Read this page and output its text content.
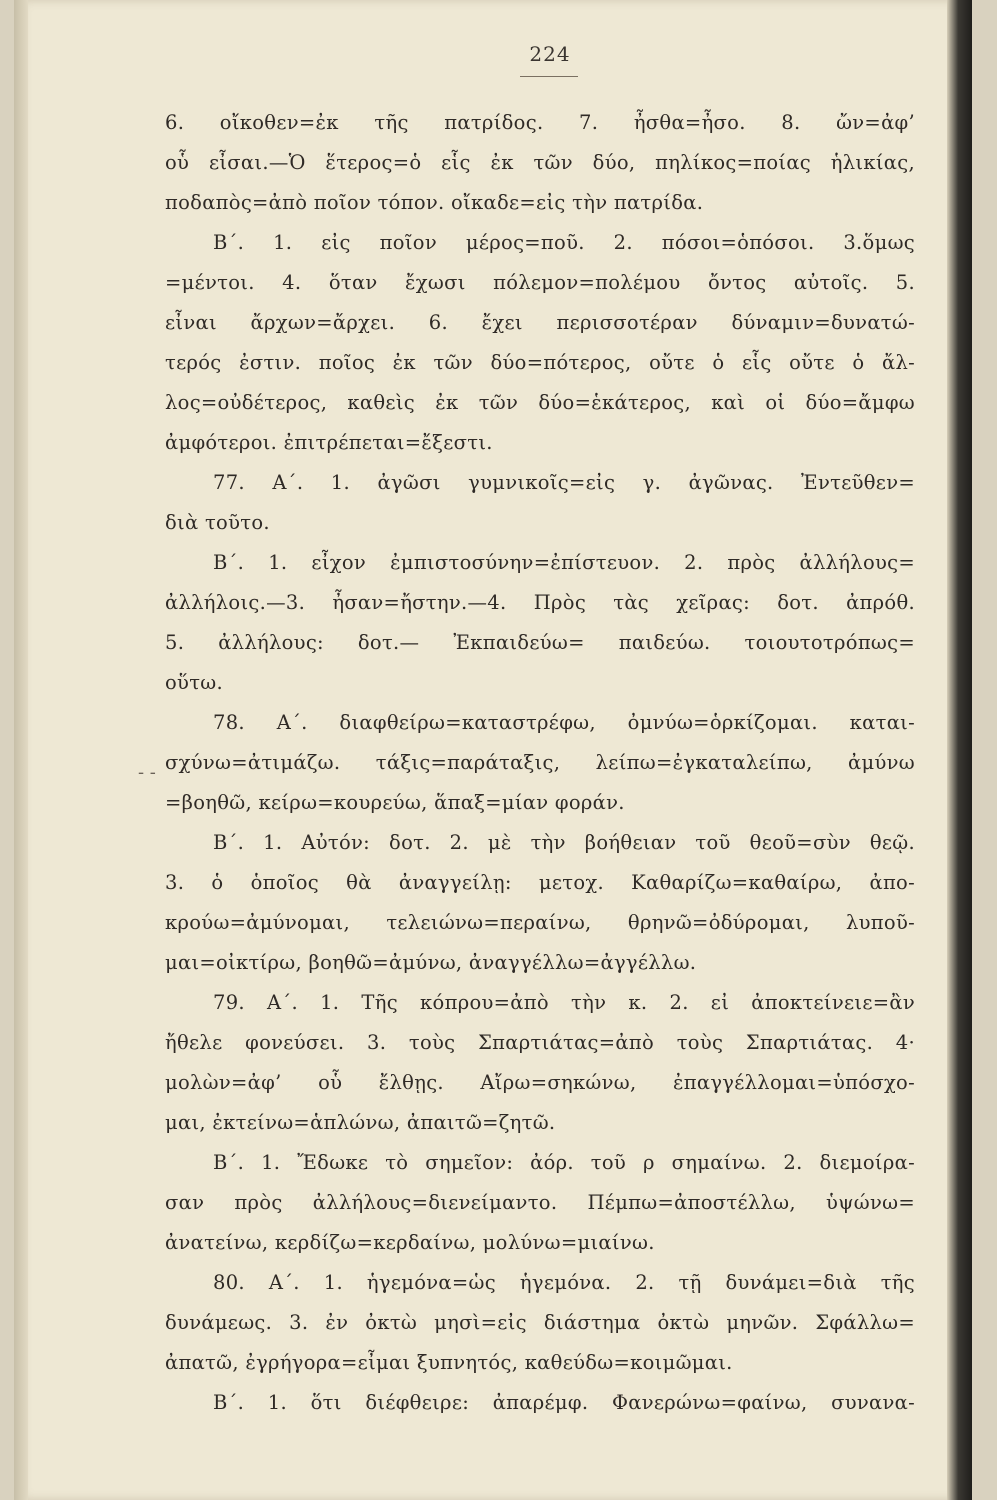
224
- -
6. οἴκοθεν=ἐκ τῆς πατρίδος. 7. ἦσθα=ἦσο. 8. ὤν=ἀφ’
οὗ εἶσαι.—Ὁ ἕτερος=ὁ εἷς ἐκ τῶν δύο, πηλίκος=ποίας ἡλικίας,
ποδαπὸς=ἀπὸ ποῖον τόπον. οἴκαδε=εἰς τὴν πατρίδα.
Β΄. 1. εἰς ποῖον μέρος=ποῦ. 2. πόσοι=ὁπόσοι. 3.ὅμως
=μέντοι. 4. ὅταν ἔχωσι πόλεμον=πολέμου ὄντος αὐτοῖς. 5.
εἶναι ἄρχων=ἄρχει. 6. ἔχει περισσοτέραν δύναμιν=δυνατώ-
τερός ἐστιν. ποῖος ἐκ τῶν δύο=πότερος, οὔτε ὁ εἷς οὔτε ὁ ἄλ-
λος=οὐδέτερος, καθεὶς ἐκ τῶν δύο=ἑκάτερος, καὶ οἱ δύο=ἄμφω
ἀμφότεροι. ἐπιτρέπεται=ἔξεστι.
77. Α΄. 1. ἀγῶσι γυμνικοῖς=εἰς γ. ἀγῶνας. Ἐντεῦθεν=
διὰ τοῦτο.
Β΄. 1. εἶχον ἐμπιστοσύνην=ἐπίστευον. 2. πρὸς ἀλλήλους=
ἀλλήλοις.—3. ἦσαν=ἤστην.—4. Πρὸς τὰς χεῖρας: δοτ. ἀπρόθ.
5. ἀλλήλους: δοτ.— Ἐκπαιδεύω= παιδεύω. τοιουτοτρόπως=
οὕτω.
78. Α΄. διαφθείρω=καταστρέφω, ὀμνύω=ὁρκίζομαι. καται-
σχύνω=ἀτιμάζω. τάξις=παράταξις, λείπω=ἐγκαταλείπω, ἀμύνω
=βοηθῶ, κείρω=κουρεύω, ἅπαξ=μίαν φοράν.
Β΄. 1. Αὐτόν: δοτ. 2. μὲ τὴν βοήθειαν τοῦ θεοῦ=σὺν θεῷ.
3. ὁ ὁποῖος θὰ ἀναγγείλῃ: μετοχ. Καθαρίζω=καθαίρω, ἀπο-
κρούω=ἀμύνομαι, τελειώνω=περαίνω, θρηνῶ=ὀδύρομαι, λυποῦ-
μαι=οἰκτίρω, βοηθῶ=ἀμύνω, ἀναγγέλλω=ἀγγέλλω.
79. Α΄. 1. Τῆς κόπρου=ἀπὸ τὴν κ. 2. εἰ ἀποκτείνειε=ἂν
ἤθελε φονεύσει. 3. τοὺς Σπαρτιάτας=ἀπὸ τοὺς Σπαρτιάτας. 4·
μολὼν=ἀφ’ οὗ ἔλθῃς. Αἴρω=σηκώνω, ἐπαγγέλλομαι=ὑπόσχο-
μαι, ἐκτείνω=ἁπλώνω, ἀπαιτῶ=ζητῶ.
Β΄. 1. Ἔδωκε τὸ σημεῖον: ἀόρ. τοῦ ρ σημαίνω. 2. διεμοίρα-
σαν πρὸς ἀλλήλους=διενείμαντο. Πέμπω=ἀποστέλλω, ὑψώνω=
ἀνατείνω, κερδίζω=κερδαίνω, μολύνω=μιαίνω.
80. Α΄. 1. ἡγεμόνα=ὡς ἡγεμόνα. 2. τῇ δυνάμει=διὰ τῆς
δυνάμεως. 3. ἐν ὀκτὼ μησὶ=εἰς διάστημα ὀκτὼ μηνῶν. Σφάλλω=
ἀπατῶ, ἐγρήγορα=εἶμαι ξυπνητός, καθεύδω=κοιμῶμαι.
Β΄. 1. ὅτι διέφθειρε: ἀπαρέμφ. Φανερώνω=φαίνω, συνανα-
